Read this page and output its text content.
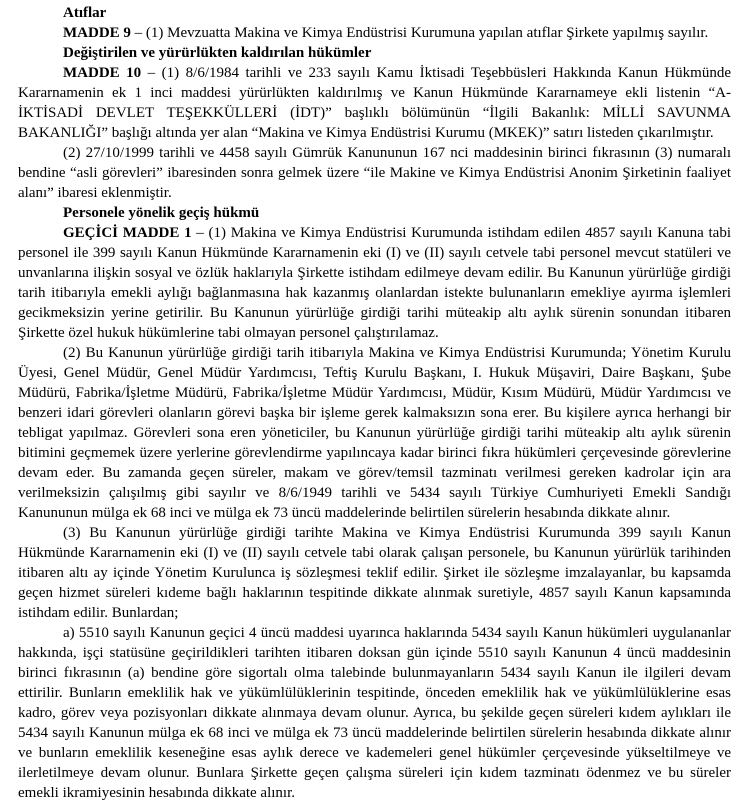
Atıflar

MADDE 9 – (1) Mevzuatta Makina ve Kimya Endüstrisi Kurumuna yapılan atıflar Şirkete yapılmış sayılır.

Değiştirilen ve yürürlükten kaldırılan hükümler

MADDE 10 – (1) 8/6/1984 tarihli ve 233 sayılı Kamu İktisadi Teşebbüsleri Hakkında Kanun Hükmünde Kararnamenin ek 1 inci maddesi yürürlükten kaldırılmış ve Kanun Hükmünde Kararnameye ekli listenin “A-İKTİSADİ DEVLET TEŞEKKÜLLERİ (İDT)” başlıklı bölümünün “İlgili Bakanlık: MİLLİ SAVUNMA BAKANLIĞI” başlığı altında yer alan “Makina ve Kimya Endüstrisi Kurumu (MKEK)” satırı listeden çıkarılmıştır.

(2) 27/10/1999 tarihli ve 4458 sayılı Gümrük Kanununun 167 nci maddesinin birinci fıkrasının (3) numaralı bendine “asli görevleri” ibaresinden sonra gelmek üzere “ile Makine ve Kimya Endüstrisi Anonim Şirketinin faaliyet alanı” ibaresi eklenmiştir.

Personele yönelik geçiş hükmü

GEÇİCİ MADDE 1 – (1) Makina ve Kimya Endüstrisi Kurumunda istihdam edilen 4857 sayılı Kanuna tabi personel ile 399 sayılı Kanun Hükmünde Kararnamenin eki (I) ve (II) sayılı cetvele tabi personel mevcut statüleri ve unvanlarına ilişkin sosyal ve özlük haklarıyla Şirkette istihdam edilmeye devam edilir. Bu Kanunun yürürlüğe girdiği tarih itibarıyla emekli aylığı bağlanmasına hak kazanmış olanlardan istekte bulunanların emekliye ayırma işlemleri gecikmeksizin yerine getirilir. Bu Kanunun yürürlüğe girdiği tarihi müteakip altı aylık sürenin sonundan itibaren Şirkette özel hukuk hükümlerine tabi olmayan personel çalıştırılamaz.

(2) Bu Kanunun yürürlüğe girdiği tarih itibarıyla Makina ve Kimya Endüstrisi Kurumunda; Yönetim Kurulu Üyesi, Genel Müdür, Genel Müdür Yardımcısı, Teftiş Kurulu Başkanı, I. Hukuk Müşaviri, Daire Başkanı, Şube Müdürü, Fabrika/İşletme Müdürü, Fabrika/İşletme Müdür Yardımcısı, Müdür, Kısım Müdürü, Müdür Yardımcısı ve benzeri idari görevleri olanların görevi başka bir işleme gerek kalmaksızın sona erer. Bu kişilere ayrıca herhangi bir tebligat yapılmaz. Görevleri sona eren yöneticiler, bu Kanunun yürürlüğe girdiği tarihi müteakip altı aylık sürenin bitimini geçmemek üzere yerlerine görevlendirme yapılıncaya kadar birinci fıkra hükümleri çerçevesinde görevlerine devam eder. Bu zamanda geçen süreler, makam ve görev/temsil tazminatı verilmesi gereken kadrolar için ara verilmeksizin çalışılmış gibi sayılır ve 8/6/1949 tarihli ve 5434 sayılı Türkiye Cumhuriyeti Emekli Sandığı Kanununun mülga ek 68 inci ve mülga ek 73 üncü maddelerinde belirtilen sürelerin hesabında dikkate alınır.

(3) Bu Kanunun yürürlüğe girdiği tarihte Makina ve Kimya Endüstrisi Kurumunda 399 sayılı Kanun Hükmünde Kararnamenin eki (I) ve (II) sayılı cetvele tabi olarak çalışan personele, bu Kanunun yürürlük tarihinden itibaren altı ay içinde Yönetim Kurulunca iş sözleşmesi teklif edilir. Şirket ile sözleşme imzalayanlar, bu kapsamda geçen hizmet süreleri kıdeme bağlı haklarının tespitinde dikkate alınmak suretiyle, 4857 sayılı Kanun kapsamında istihdam edilir. Bunlardan;

a) 5510 sayılı Kanunun geçici 4 üncü maddesi uyarınca haklarında 5434 sayılı Kanun hükümleri uygulananlar hakkında, işçi statüsüne geçirildikleri tarihten itibaren doksan gün içinde 5510 sayılı Kanunun 4 üncü maddesinin birinci fıkrasının (a) bendine göre sigortalı olma talebinde bulunmayanların 5434 sayılı Kanun ile ilgileri devam ettirilir. Bunların emeklilik hak ve yükümlülüklerinin tespitinde, önceden emeklilik hak ve yükümlülüklerine esas kadro, görev veya pozisyonları dikkate alınmaya devam olunur. Ayrıca, bu şekilde geçen süreleri kıdem aylıkları ile 5434 sayılı Kanunun mülga ek 68 inci ve mülga ek 73 üncü maddelerinde belirtilen sürelerin hesabında dikkate alınır ve bunların emeklilik keseneğine esas aylık derece ve kademeleri genel hükümler çerçevesinde yükseltilmeye ve ilerletilmeye devam olunur. Bunlara Şirkette geçen çalışma süreleri için kıdem tazminatı ödenmez ve bu süreler emekli ikramiyesinin hesabında dikkate alınır.
